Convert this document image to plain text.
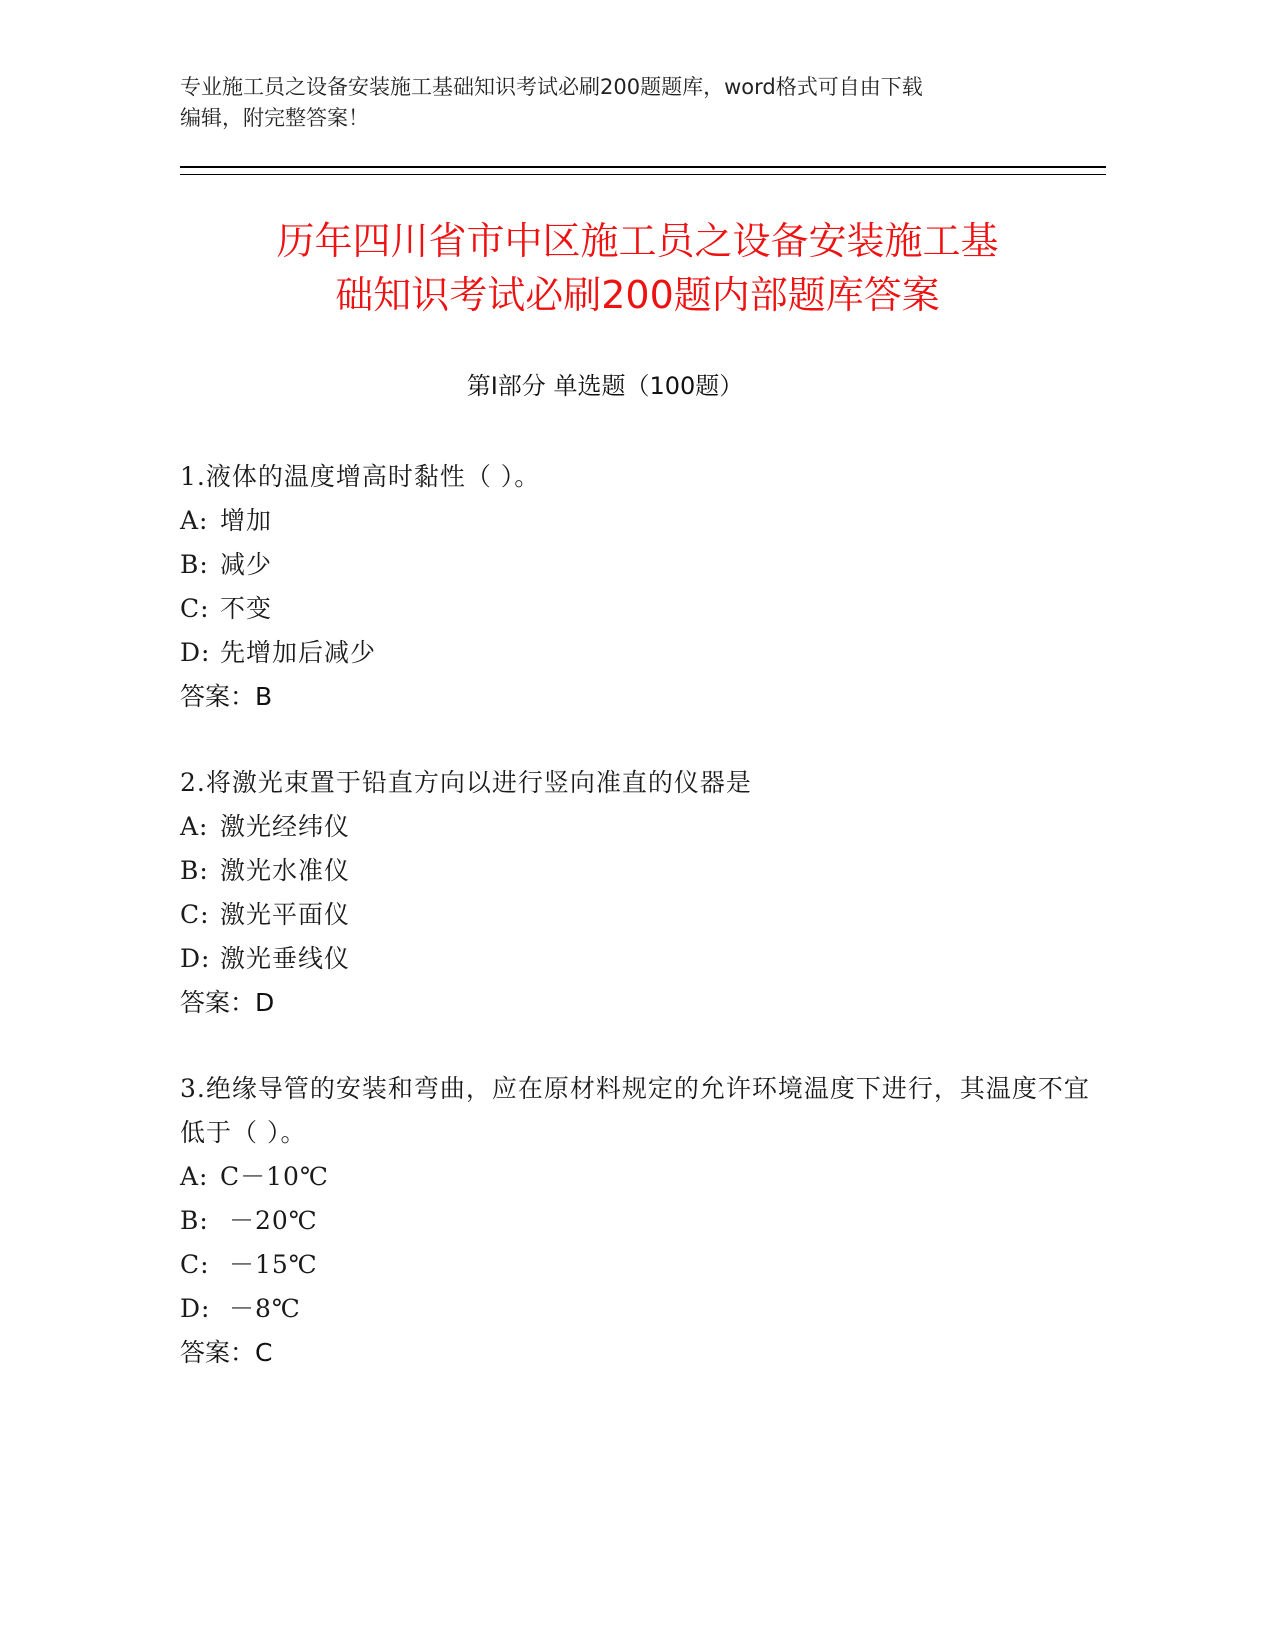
专业施工员之设备安装施工基础知识考试必刷200题题库，word格式可自由下载
编辑，附完整答案！
历年四川省市中区施工员之设备安装施工基
础知识考试必刷200题内部题库答案
第Ⅰ部分 单选题（100题）
1.液体的温度增高时黏性（ ）。
A: 增加
B: 减少
C: 不变
D: 先增加后减少
答案：B
2.将激光束置于铅直方向以进行竖向准直的仪器是
A: 激光经纬仪
B: 激光水准仪
C: 激光平面仪
D: 激光垂线仪
答案：D
3.绝缘导管的安装和弯曲，应在原材料规定的允许环境温度下进行，其温度不宜低于（ ）。
A: C－10℃
B: －20℃
C: －15℃
D: －8℃
答案：C
